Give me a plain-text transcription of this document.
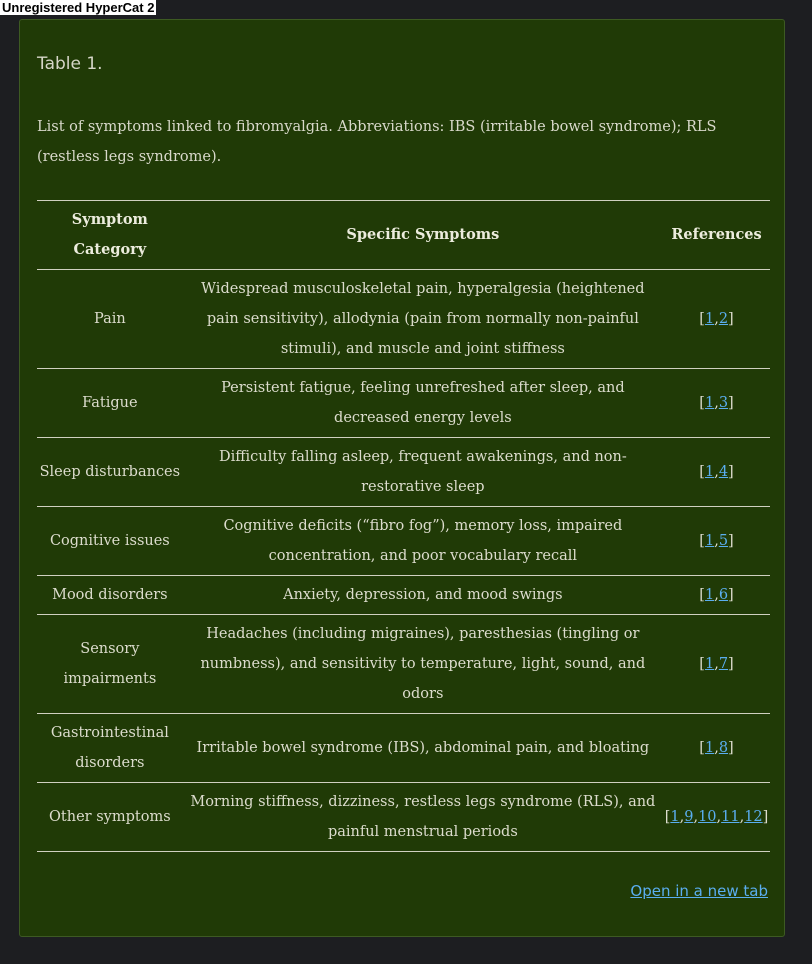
Unregistered HyperCat 2
Table 1.
List of symptoms linked to fibromyalgia. Abbreviations: IBS (irritable bowel syndrome); RLS (restless legs syndrome).
Symptom Category	Specific Symptoms	References
Pain	Widespread musculoskeletal pain, hyperalgesia (heightened pain sensitivity), allodynia (pain from normally non-painful stimuli), and muscle and joint stiffness	[1,2]
Fatigue	Persistent fatigue, feeling unrefreshed after sleep, and decreased energy levels	[1,3]
Sleep disturbances	Difficulty falling asleep, frequent awakenings, and non-restorative sleep	[1,4]
Cognitive issues	Cognitive deficits (“fibro fog”), memory loss, impaired concentration, and poor vocabulary recall	[1,5]
Mood disorders	Anxiety, depression, and mood swings	[1,6]
Sensory impairments	Headaches (including migraines), paresthesias (tingling or numbness), and sensitivity to temperature, light, sound, and odors	[1,7]
Gastrointestinal disorders	Irritable bowel syndrome (IBS), abdominal pain, and bloating	[1,8]
Other symptoms	Morning stiffness, dizziness, restless legs syndrome (RLS), and painful menstrual periods	[1,9,10,11,12]
Open in a new tab
